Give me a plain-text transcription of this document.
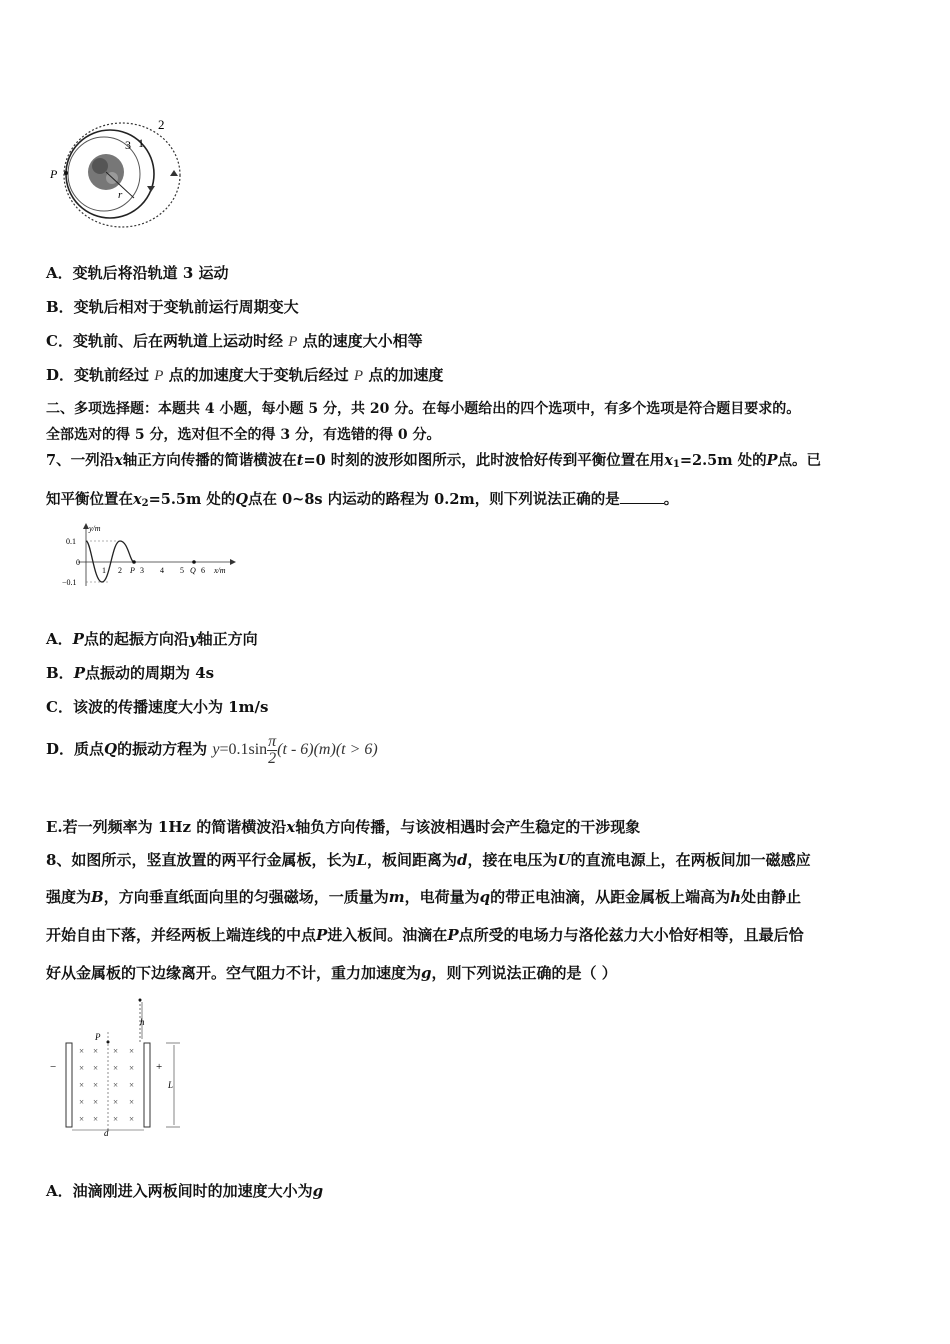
P
2
1
3
r
A．变轨后将沿轨道 3 运动
B．变轨后相对于变轨前运行周期变大
C．变轨前、后在两轨道上运动时经 P 点的速度大小相等
D．变轨前经过 P 点的加速度大于变轨后经过 P 点的加速度
二、多项选择题：本题共 4 小题，每小题 5 分，共 20 分。在每小题给出的四个选项中，有多个选项是符合题目要求的。
全部选对的得 5 分，选对但不全的得 3 分，有选错的得 0 分。
7、一列沿x轴正方向传播的简谐横波在t=0 时刻的波形如图所示，此时波恰好传到平衡位置在用$x_1=2.5m$ 处的P点。已
知平衡位置在$x_2=5.5m$ 处的Q点在 0~8s 内运动的路程为 0.2m，则下列说法正确的是	。
y/m
x/m
0.1
0
−0.1
1 2 P 3 4 5 Q 6
A．P点的起振方向沿y轴正方向
B．P点振动的周期为 4s
C．该波的传播速度大小为 1m/s
D．质点Q的振动方程为 $y=0.1\sin \frac{\pi}{2} (t - 6)(m)(t > 6)$
E.若一列频率为 1Hz 的简谐横波沿x轴负方向传播，与该波相遇时会产生稳定的干涉现象
8、如图所示，竖直放置的两平行金属板，长为L，板间距离为d，接在电压为U的直流电源上，在两板间加一磁感应
强度为B，方向垂直纸面向里的匀强磁场，一质量为m，电荷量为q的带正电油滴，从距金属板上端高为h处由静止
开始自由下落，并经两板上端连线的中点P进入板间。油滴在P点所受的电场力与洛伦兹力大小恰好相等，且最后恰
好从金属板的下边缘离开。空气阻力不计，重力加速度为g，则下列说法正确的是（ ）
−	+
h
P
× × × ×
× × × ×
× × × ×
× × × ×
× × × ×
L
d
A．油滴刚进入两板间时的加速度大小为g
